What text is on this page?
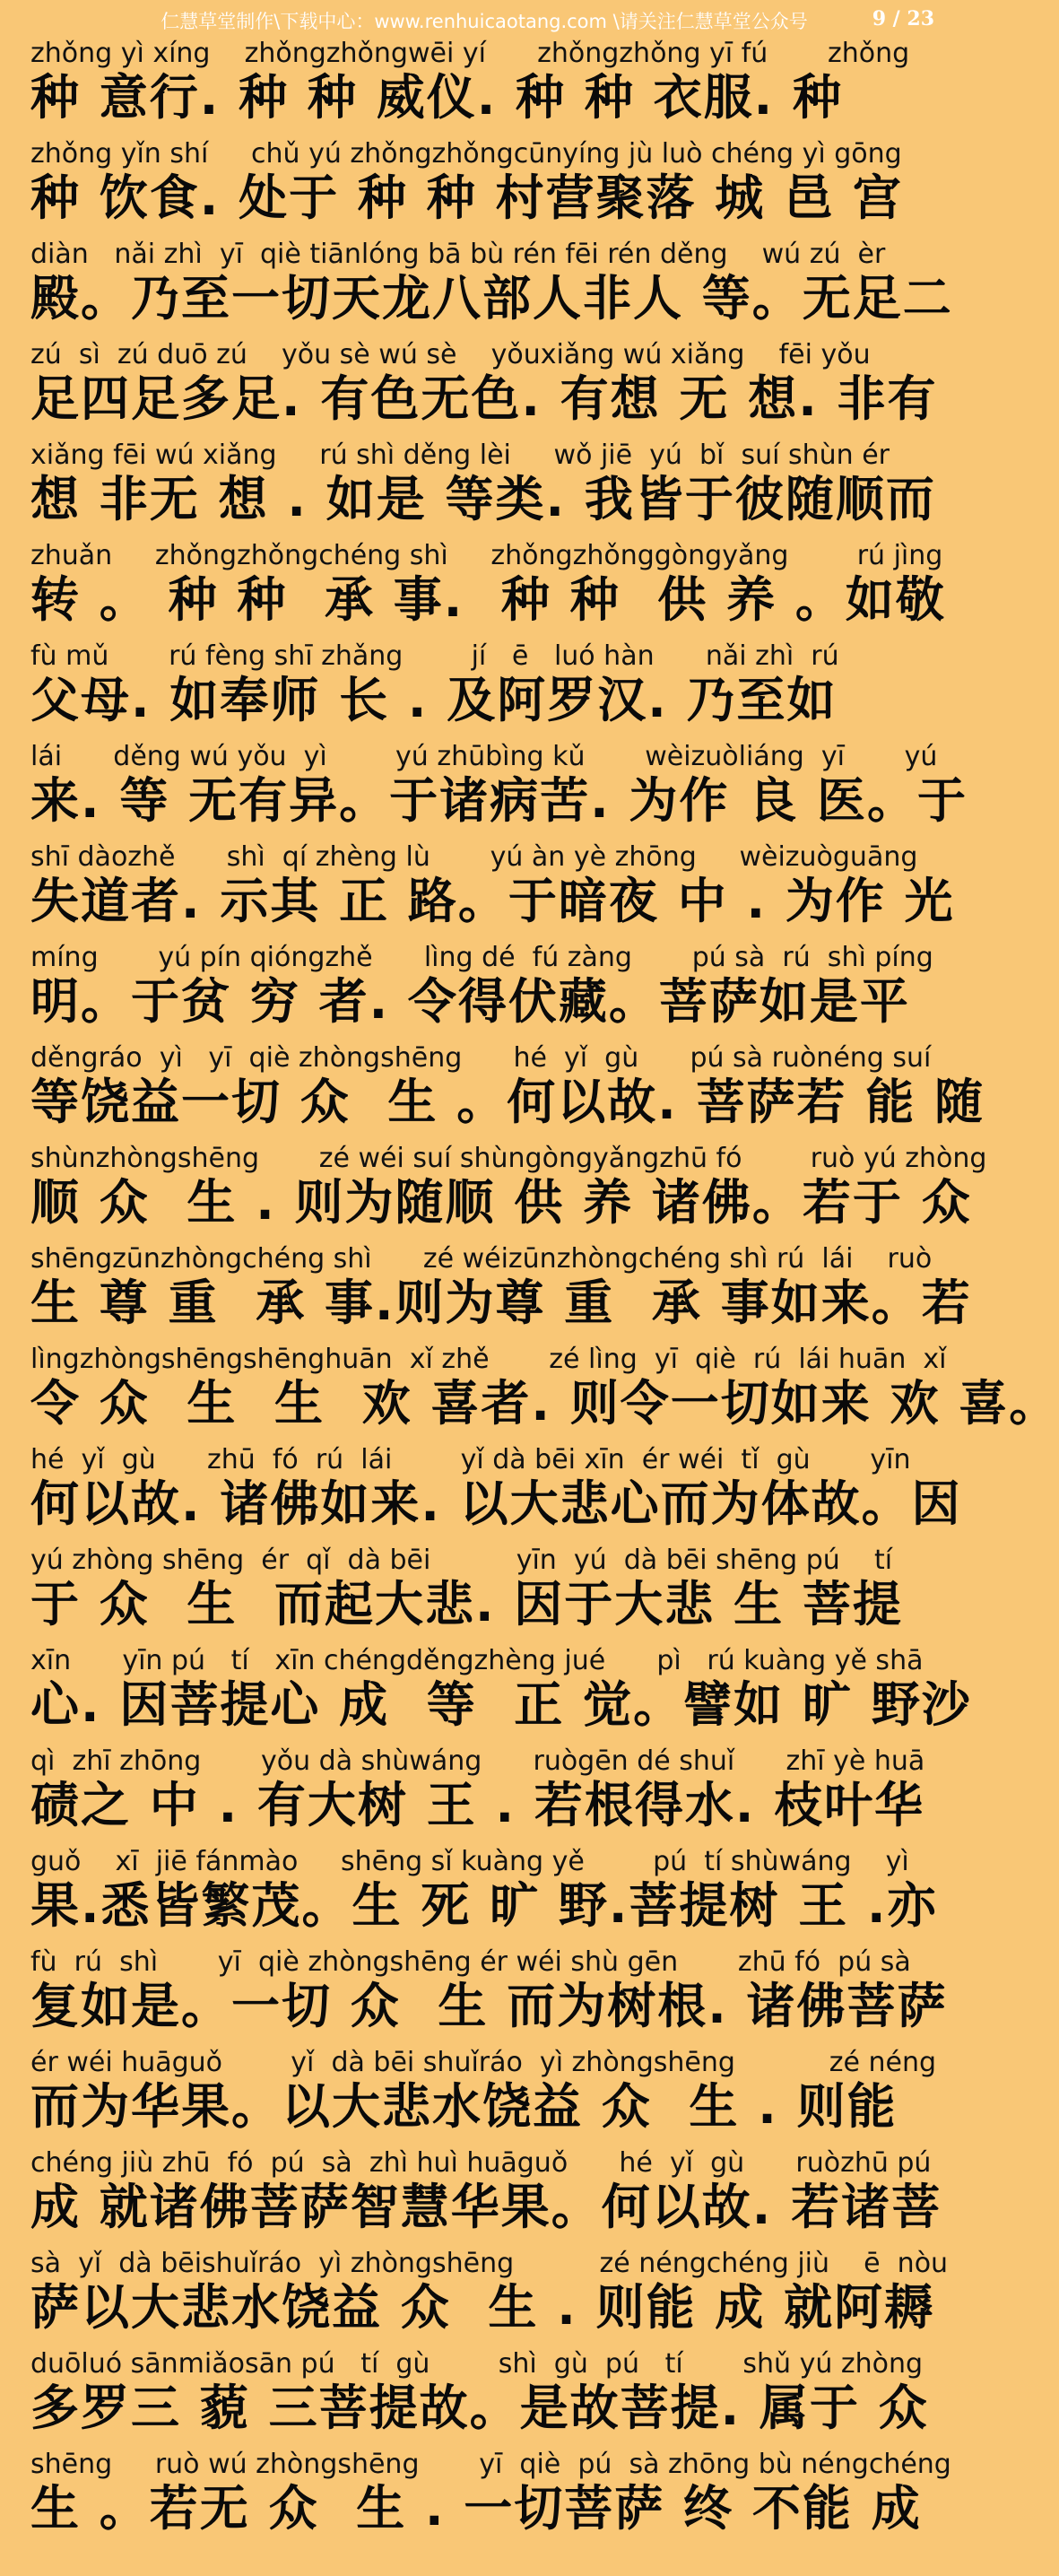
仁慧草堂制作\下载中心：www.renhuicaotang.com \请关注仁慧草堂公众号	9 / 23
zhǒng yì xíng    zhǒngzhǒngwēi yí      zhǒngzhǒng yī fú       zhǒng
种 意行. 种 种 威仪. 种 种 衣服. 种
zhǒng yǐn shí     chǔ yú zhǒngzhǒngcūnyíng jù luò chéng yì gōng
种 饮食. 处于 种 种 村营聚落 城 邑 宫
diàn   nǎi zhì  yī  qiè tiānlóng bā bù rén fēi rén děng    wú zú  èr
殿。乃至一切天龙八部人非人 等。无足二
zú  sì  zú duō zú    yǒu sè wú sè    yǒuxiǎng wú xiǎng    fēi yǒu
足四足多足. 有色无色. 有想 无 想. 非有
xiǎng fēi wú xiǎng     rú shì děng lèi     wǒ jiē  yú  bǐ  suí shùn ér
想 非无 想 . 如是 等类. 我皆于彼随顺而
zhuǎn     zhǒngzhǒngchéng shì     zhǒngzhǒnggòngyǎng        rú jìng
转 。 种 种  承 事.  种 种  供 养 。如敬
fù mǔ       rú fèng shī zhǎng        jí   ē   luó hàn      nǎi zhì  rú
父母. 如奉师 长 . 及阿罗汉. 乃至如
lái      děng wú yǒu  yì        yú zhūbìng kǔ       wèizuòliáng  yī       yú
来. 等 无有异。于诸病苦. 为作 良 医。于
shī dàozhě      shì  qí zhèng lù       yú àn yè zhōng     wèizuòguāng
失道者. 示其 正 路。于暗夜 中 . 为作 光
míng       yú pín qióngzhě      lìng dé  fú zàng       pú sà  rú  shì píng
明。于贫 穷 者. 令得伏藏。菩萨如是平
děngráo  yì   yī  qiè zhòngshēng      hé  yǐ  gù      pú sà ruònéng suí
等饶益一切 众  生 。何以故. 菩萨若 能 随
shùnzhòngshēng       zé wéi suí shùngòngyǎngzhū fó        ruò yú zhòng
顺 众  生 . 则为随顺 供 养 诸佛。若于 众
shēngzūnzhòngchéng shì      zé wéizūnzhòngchéng shì rú  lái    ruò
生 尊 重  承 事.则为尊 重  承 事如来。若
lìngzhòngshēngshēnghuān  xǐ zhě       zé lìng  yī  qiè  rú  lái huān  xǐ
令 众  生  生  欢 喜者. 则令一切如来 欢 喜。
hé  yǐ  gù      zhū  fó  rú  lái        yǐ dà bēi xīn  ér wéi  tǐ  gù       yīn
何以故. 诸佛如来. 以大悲心而为体故。因
yú zhòng shēng  ér  qǐ  dà bēi          yīn  yú  dà bēi shēng pú    tí
于 众  生  而起大悲. 因于大悲 生 菩提
xīn      yīn pú   tí   xīn chéngděngzhèng jué      pì   rú kuàng yě shā
心. 因菩提心 成  等  正 觉。譬如 旷 野沙
qì  zhī zhōng       yǒu dà shùwáng      ruògēn dé shuǐ      zhī yè huā
碛之 中 . 有大树 王 . 若根得水. 枝叶华
guǒ    xī  jiē fánmào     shēng sǐ kuàng yě        pú  tí shùwáng    yì
果.悉皆繁茂。生 死 旷 野.菩提树 王 .亦
fù  rú  shì       yī  qiè zhòngshēng ér wéi shù gēn       zhū fó  pú sà
复如是。一切 众  生 而为树根. 诸佛菩萨
ér wéi huāguǒ        yǐ  dà bēi shuǐráo  yì zhòngshēng           zé néng
而为华果。以大悲水饶益 众  生 . 则能
chéng jiù zhū  fó  pú  sà  zhì huì huāguǒ      hé  yǐ  gù      ruòzhū pú
成 就诸佛菩萨智慧华果。何以故. 若诸菩
sà  yǐ  dà bēishuǐráo  yì zhòngshēng          zé néngchéng jiù    ē  nòu
萨以大悲水饶益 众  生 . 则能 成 就阿耨
duōluó sānmiǎosān pú   tí  gù        shì  gù  pú   tí       shǔ yú zhòng
多罗三 藐 三菩提故。是故菩提. 属于 众
shēng     ruò wú zhòngshēng       yī  qiè  pú  sà zhōng bù néngchéng
生 。若无 众  生 . 一切菩萨 终 不能 成
